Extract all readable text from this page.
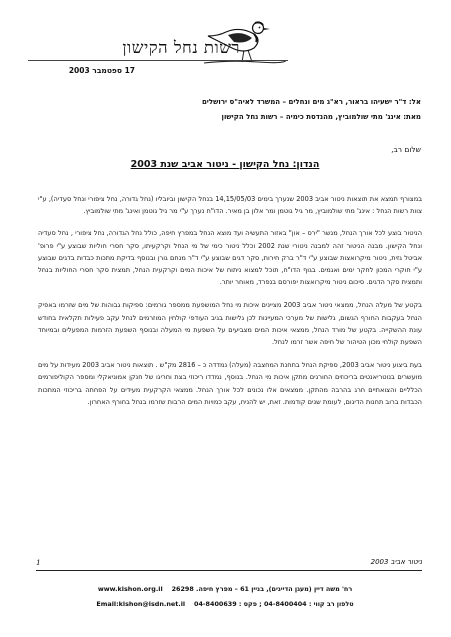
רשות נחל הקישון
17 ספטמבר 2003
אל: ד"ר ישעיהו בראור, רא"ג מים ונחלים – המשרד לאיה"ס ירושלים
מאת: אינג' מתי שולמוביץ, מהנדסת כימיה – רשות נחל הקישון
שלום רב,
הנדון: נחל הקישון - ניטור אביב שנת 2003

במצורף תמצא את תוצאות ניטור אביב 2003 שנערך בימים 14,15/05/03 בנחל הקישון וביובליו (נחל גדורה, נחל ציפורי ונחל סעדיה), ע"י צוות רשות הנחל : אינג' מתי שולמוביץ, מר גיל גוטמן ומר אלון בן מאיר. הדו"ח נערך ע"י מר גיל גוטמן ואינג' מתי שולמוביץ.

הניטור בוצע לכל אורך הנחל, מגשר "ירס – און" באזור התעשיה ועד מוצא הנחל במפרץ חיפה, כולל נחל הגדורה, נחל ציפורי , נחל סעדיה ונחל הקישון. מבנה הניטור זהה למבנה ניטורי שנת 2002 וכלל ניטור כימי של מי הנחל וקרקעיתו, סקר חסרי חוליות שבוצע ע"י פרופ' אביטל גזית, ניטור מיקרואצות שבוצע ע"י ד"ר ברק חירות, סקר דגים שבוצע ע"י ד"ר מנחם גורן ובנוסף בדיקת מתכות כבדות בדגים שבוצע ע"י חוקרי המכון לחקר ימים ואגמים. בגוף הדו"ח, תוכל למצוא ניתוח של איכות המים וקרקעית הנחל, תמצית סקר חסרי החוליות בנחל ותמצית סקר הדגים. סיכום ניטור מיקרואצות יפורסם בנפרד, מאוחר יותר.

בקטע של מעלה הנחל, ממצאי ניטור אביב 2003 מציינים איכות מי נחל המושפעת ממספר גורמים: ספיקות גבוהות של מים שזרמו באפיק הנחל בעקבות החורף הגשום, גלישות של מערכי המעיינות לכן גלישות בגיב העודפי קולחין המוזרמים לנחל עקב פעילות תקלאית בחודש עונת ההשקייה. בקטע של מורד הנחל, ממצאי איכות המים מצביעים על השפעת מי המעלה ובנוסף השפעת הזרמות המפעלים ובמיוחד השפעת קולחי מכון הטיהור של חיפה אשר זרמו לנחל.

בעת ביצוע ניטור אביב 2003, ספיקת הנחל בתחנת המחצבה (מעלה) נמדדה כ – 2816 מק"ש . תוצאות ניטור אביב 2003 מעידות על מים מועשרים בנוטריאנטים בריכוזים החורגים מתקן איכות מי הנחל. בנוסף, נמדדו ריכוזי בצת וחריגו של חנקן אמוניאקלי ומספר הקוליפורמים הכלליים והצואתיים חרג בהרבה מהתקן. ממצאים אלו נכונים לכל אורך הנחל. ממצאי הקרקעית מעידים על הפחתה בריכוזי המתכות הכבדות ברוב תחנות הדיגום, לעומת שנים קודמות. זאת, יש להניח, עקב כמויות המים הרבות שזרמו בנחל בחורף האחרון.

1	ניטור אביב 2003
רח' משה דיין (מעגן הדייגים), בניין 61 – מפרץ חיפה. 26298    www.kishon.org.il
טלפון רב קווי : 04-8400404 ; פקס : 04-8400639    Email:kishon@isdn.net.il
